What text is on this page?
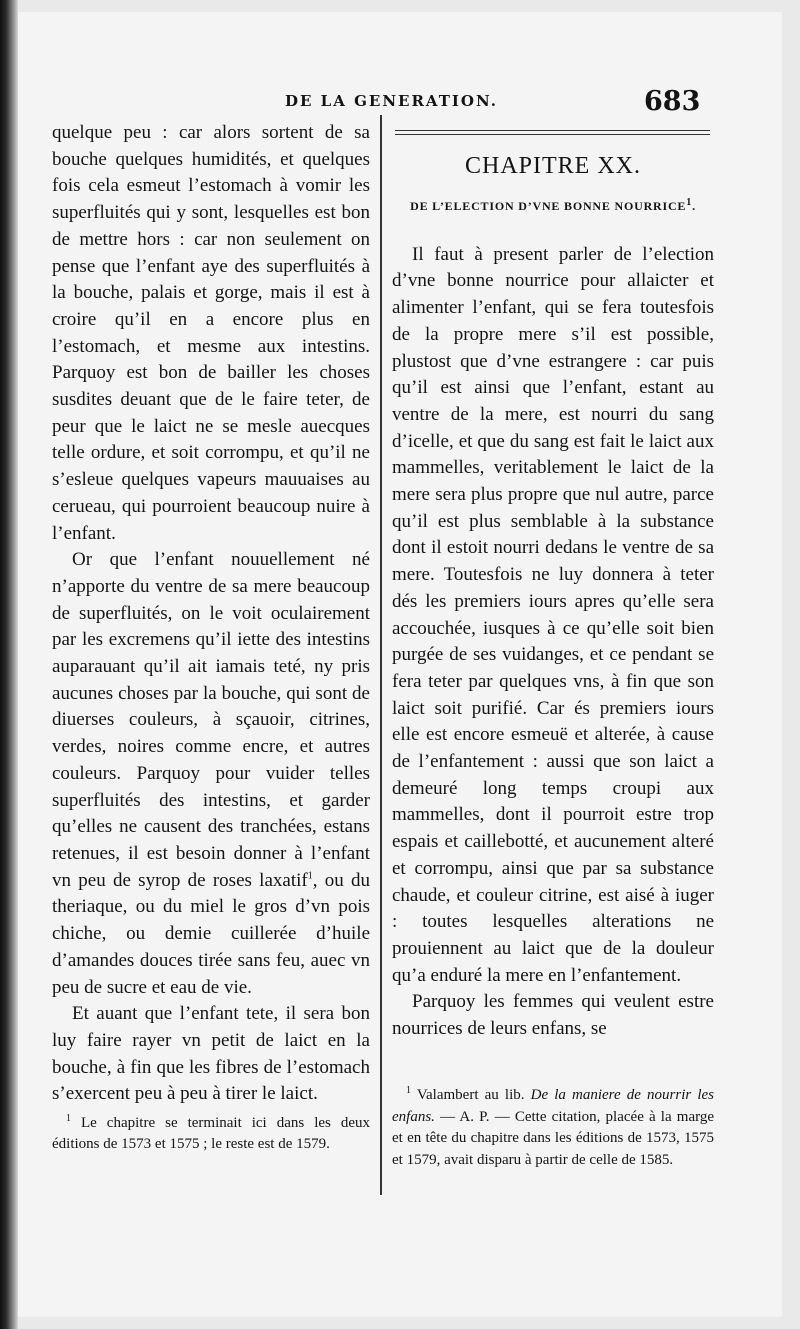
DE LA GENERATION.	683

quelque peu : car alors sortent de sa bouche quelques humidités, et quelques fois cela esmeut l’estomach à vomir les superfluités qui y sont, lesquelles est bon de mettre hors : car non seulement on pense que l’enfant aye des superfluités à la bouche, palais et gorge, mais il est à croire qu’il en a encore plus en l’estomach, et mesme aux intestins. Parquoy est bon de bailler les choses susdites deuant que de le faire teter, de peur que le laict ne se mesle auecques telle ordure, et soit corrompu, et qu’il ne s’esleue quelques vapeurs mauuaises au cerueau, qui pourroient beaucoup nuire à l’enfant.

Or que l’enfant nouuellement né n’apporte du ventre de sa mere beaucoup de superfluités, on le voit oculairement par les excremens qu’il iette des intestins auparauant qu’il ait iamais teté, ny pris aucunes choses par la bouche, qui sont de diuerses couleurs, à sçauoir, citrines, verdes, noires comme encre, et autres couleurs. Parquoy pour vuider telles superfluités des intestins, et garder qu’elles ne causent des tranchées, estans retenues, il est besoin donner à l’enfant vn peu de syrop de roses laxatif$^1$, ou du theriaque, ou du miel le gros d’vn pois chiche, ou demie cuillerée d’huile d’amandes douces tirée sans feu, auec vn peu de sucre et eau de vie.

Et auant que l’enfant tete, il sera bon luy faire rayer vn petit de laict en la bouche, à fin que les fibres de l’estomach s’exercent peu à peu à tirer le laict.

$^1$ Le chapitre se terminait ici dans les deux éditions de 1573 et 1575 ; le reste est de 1579.

CHAPITRE XX.
DE L’ELECTION D’VNE BONNE NOURRICE$^1$.

Il faut à present parler de l’election d’vne bonne nourrice pour allaicter et alimenter l’enfant, qui se fera toutesfois de la propre mere s’il est possible, plustost que d’vne estrangere : car puis qu’il est ainsi que l’enfant, estant au ventre de la mere, est nourri du sang d’icelle, et que du sang est fait le laict aux mammelles, veritablement le laict de la mere sera plus propre que nul autre, parce qu’il est plus semblable à la substance dont il estoit nourri dedans le ventre de sa mere. Toutesfois ne luy donnera à teter dés les premiers iours apres qu’elle sera accouchée, iusques à ce qu’elle soit bien purgée de ses vuidanges, et ce pendant se fera teter par quelques vns, à fin que son laict soit purifié. Car és premiers iours elle est encore esmeuë et alterée, à cause de l’enfantement : aussi que son laict a demeuré long temps croupi aux mammelles, dont il pourroit estre trop espais et caillebotté, et aucunement alteré et corrompu, ainsi que par sa substance chaude, et couleur citrine, est aisé à iuger : toutes lesquelles alterations ne prouiennent au laict que de la douleur qu’a enduré la mere en l’enfantement.

Parquoy les femmes qui veulent estre nourrices de leurs enfans, se

$^1$ Valambert au lib. De la maniere de nourrir les enfans. — A. P. — Cette citation, placée à la marge et en tête du chapitre dans les éditions de 1573, 1575 et 1579, avait disparu à partir de celle de 1585.
